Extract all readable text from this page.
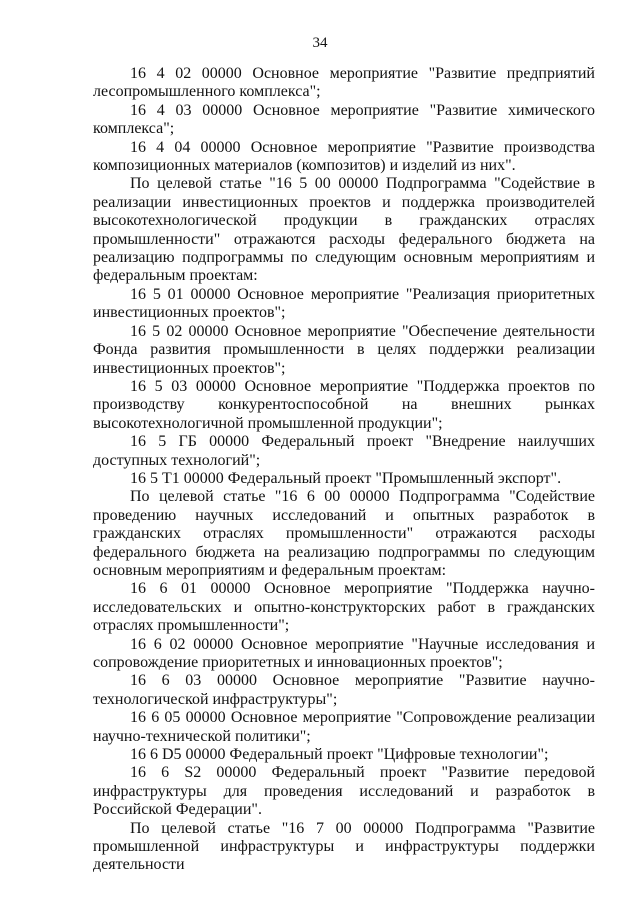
34

16 4 02 00000 Основное мероприятие "Развитие предприятий лесопромышленного комплекса";

16 4 03 00000 Основное мероприятие "Развитие химического комплекса";

16 4 04 00000 Основное мероприятие "Развитие производства композиционных материалов (композитов) и изделий из них".

По целевой статье "16 5 00 00000 Подпрограмма "Содействие в реализации инвестиционных проектов и поддержка производителей высокотехнологической продукции в гражданских отраслях промышленности" отражаются расходы федерального бюджета на реализацию подпрограммы по следующим основным мероприятиям и федеральным проектам:

16 5 01 00000 Основное мероприятие "Реализация приоритетных инвестиционных проектов";

16 5 02 00000 Основное мероприятие "Обеспечение деятельности Фонда развития промышленности в целях поддержки реализации инвестиционных проектов";

16 5 03 00000 Основное мероприятие "Поддержка проектов по производству конкурентоспособной на внешних рынках высокотехнологичной промышленной продукции";

16 5 ГБ 00000 Федеральный проект "Внедрение наилучших доступных технологий";

16 5 Т1 00000 Федеральный проект "Промышленный экспорт".

По целевой статье "16 6 00 00000 Подпрограмма "Содействие проведению научных исследований и опытных разработок в гражданских отраслях промышленности" отражаются расходы федерального бюджета на реализацию подпрограммы по следующим основным мероприятиям и федеральным проектам:

16 6 01 00000 Основное мероприятие "Поддержка научно-исследовательских и опытно-конструкторских работ в гражданских отраслях промышленности";

16 6 02 00000 Основное мероприятие "Научные исследования и сопровождение приоритетных и инновационных проектов";

16 6 03 00000 Основное мероприятие "Развитие научно-технологической инфраструктуры";

16 6 05 00000 Основное мероприятие "Сопровождение реализации научно-технической политики";

16 6 D5 00000 Федеральный проект "Цифровые технологии";

16 6 S2 00000 Федеральный проект "Развитие передовой инфраструктуры для проведения исследований и разработок в Российской Федерации".

По целевой статье "16 7 00 00000 Подпрограмма "Развитие промышленной инфраструктуры и инфраструктуры поддержки деятельности
